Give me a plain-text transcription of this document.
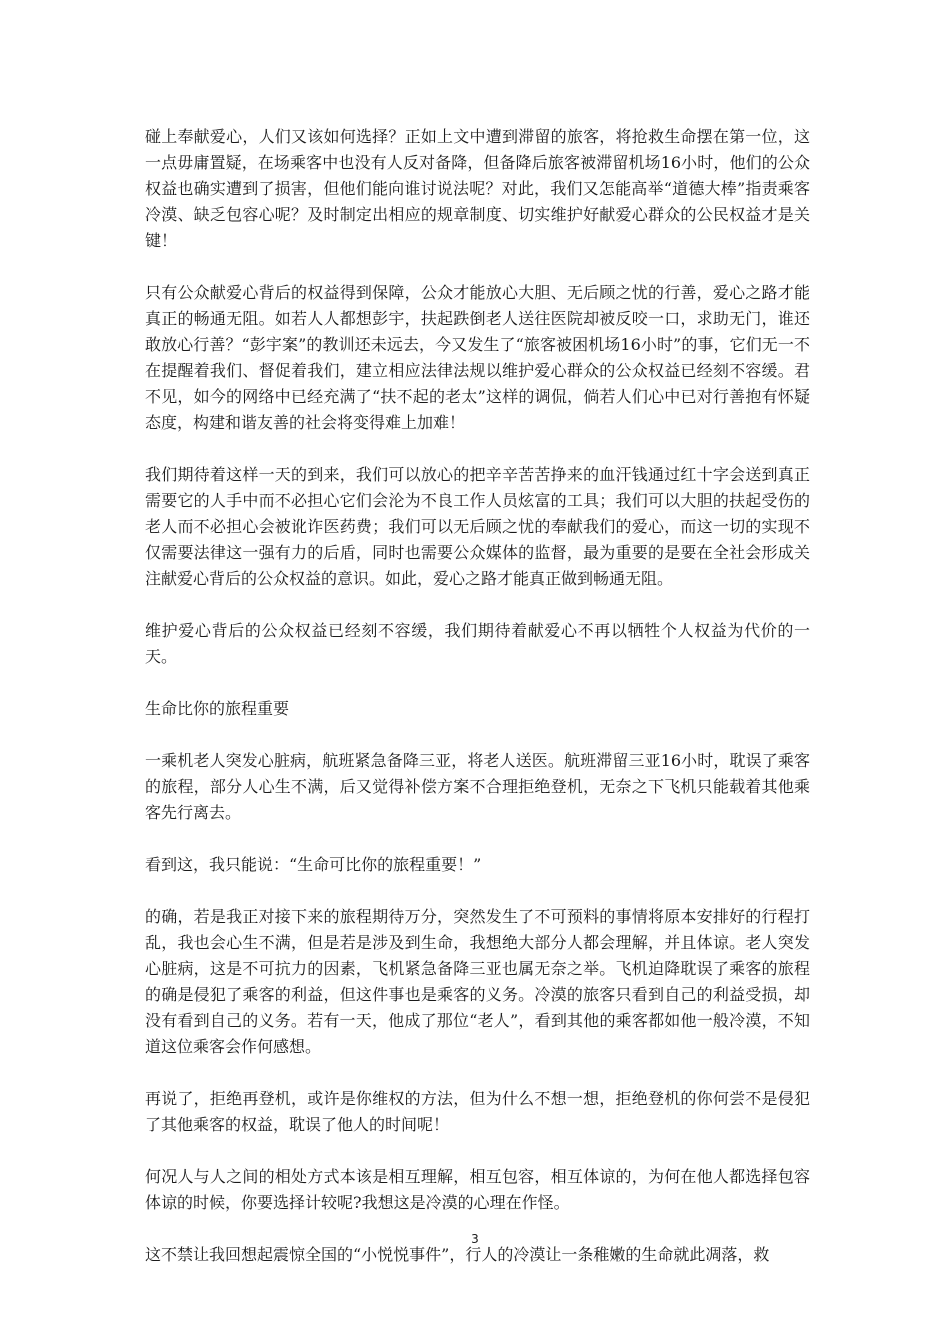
碰上奉献爱心，人们又该如何选择？正如上文中遭到滞留的旅客，将抢救生命摆在第一位，这一点毋庸置疑，在场乘客中也没有人反对备降，但备降后旅客被滞留机场16小时，他们的公众权益也确实遭到了损害，但他们能向谁讨说法呢？对此，我们又怎能高举“道德大棒”指责乘客冷漠、缺乏包容心呢？及时制定出相应的规章制度、切实维护好献爱心群众的公民权益才是关键！

只有公众献爱心背后的权益得到保障，公众才能放心大胆、无后顾之忧的行善，爱心之路才能真正的畅通无阻。如若人人都想彭宇，扶起跌倒老人送往医院却被反咬一口，求助无门，谁还敢放心行善？“彭宇案”的教训还未远去，今又发生了“旅客被困机场16小时”的事，它们无一不在提醒着我们、督促着我们，建立相应法律法规以维护爱心群众的公众权益已经刻不容缓。君不见，如今的网络中已经充满了“扶不起的老太”这样的调侃，倘若人们心中已对行善抱有怀疑态度，构建和谐友善的社会将变得难上加难！

我们期待着这样一天的到来，我们可以放心的把辛辛苦苦挣来的血汗钱通过红十字会送到真正需要它的人手中而不必担心它们会沦为不良工作人员炫富的工具；我们可以大胆的扶起受伤的老人而不必担心会被讹诈医药费；我们可以无后顾之忧的奉献我们的爱心，而这一切的实现不仅需要法律这一强有力的后盾，同时也需要公众媒体的监督，最为重要的是要在全社会形成关注献爱心背后的公众权益的意识。如此，爱心之路才能真正做到畅通无阻。

维护爱心背后的公众权益已经刻不容缓，我们期待着献爱心不再以牺牲个人权益为代价的一天。

生命比你的旅程重要

一乘机老人突发心脏病，航班紧急备降三亚，将老人送医。航班滞留三亚16小时，耽误了乘客的旅程，部分人心生不满，后又觉得补偿方案不合理拒绝登机，无奈之下飞机只能载着其他乘客先行离去。

看到这，我只能说：“生命可比你的旅程重要！”

的确，若是我正对接下来的旅程期待万分，突然发生了不可预料的事情将原本安排好的行程打乱，我也会心生不满，但是若是涉及到生命，我想绝大部分人都会理解，并且体谅。老人突发心脏病，这是不可抗力的因素，飞机紧急备降三亚也属无奈之举。飞机迫降耽误了乘客的旅程的确是侵犯了乘客的利益，但这件事也是乘客的义务。冷漠的旅客只看到自己的利益受损，却没有看到自己的义务。若有一天，他成了那位“老人”，看到其他的乘客都如他一般冷漠，不知道这位乘客会作何感想。

再说了，拒绝再登机，或许是你维权的方法，但为什么不想一想，拒绝登机的你何尝不是侵犯了其他乘客的权益，耽误了他人的时间呢！

何况人与人之间的相处方式本该是相互理解，相互包容，相互体谅的，为何在他人都选择包容体谅的时候，你要选择计较呢?我想这是冷漠的心理在作怪。

这不禁让我回想起震惊全国的“小悦悦事件”，行人的冷漠让一条稚嫩的生命就此凋落，救

3
